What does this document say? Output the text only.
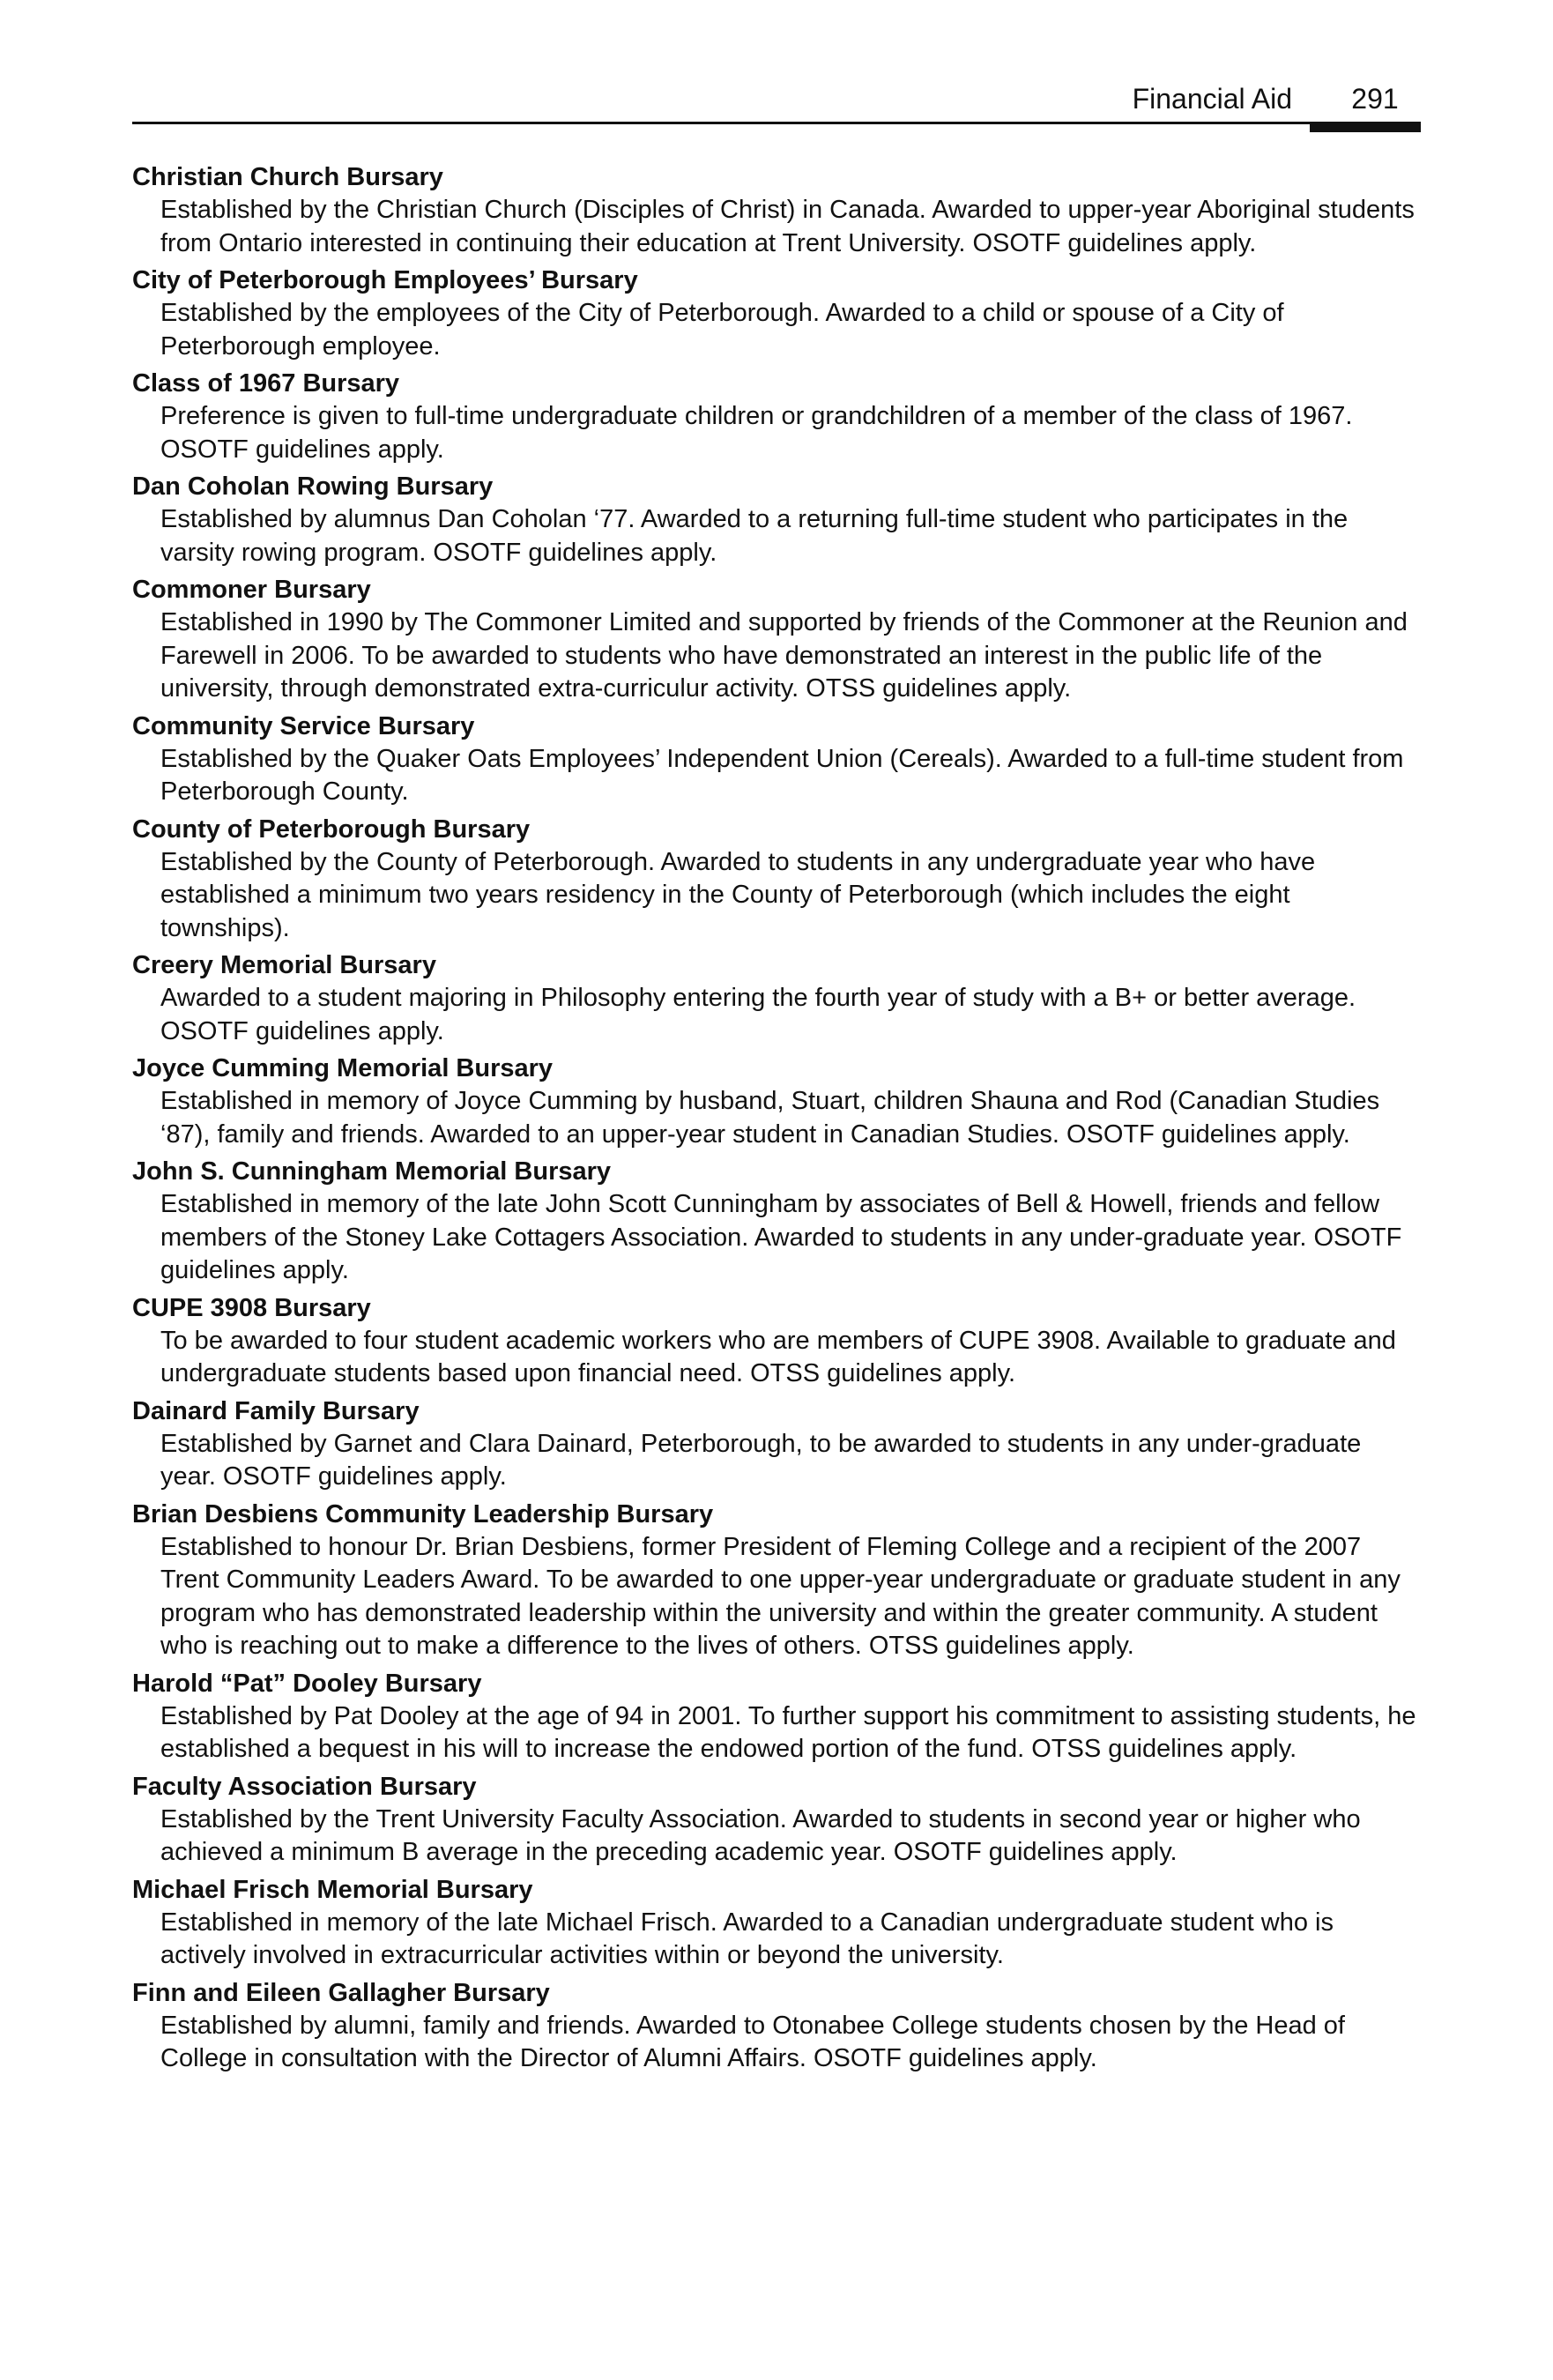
Financial Aid 291
Christian Church Bursary
Established by the Christian Church (Disciples of Christ) in Canada. Awarded to upper-year Aboriginal students from Ontario interested in continuing their education at Trent University. OSOTF guidelines apply.
City of Peterborough Employees’ Bursary
Established by the employees of the City of Peterborough. Awarded to a child or spouse of a City of Peterborough employee.
Class of 1967 Bursary
Preference is given to full-time undergraduate children or grandchildren of a member of the class of 1967. OSOTF guidelines apply.
Dan Coholan Rowing Bursary
Established by alumnus Dan Coholan ‘77. Awarded to a returning full-time student who participates in the varsity rowing program. OSOTF guidelines apply.
Commoner Bursary
Established in 1990 by The Commoner Limited and supported by friends of the Commoner at the Reunion and Farewell in 2006. To be awarded to students who have demonstrated an interest in the public life of the university, through demonstrated extra-curriculur activity. OTSS guidelines apply.
Community Service Bursary
Established by the Quaker Oats Employees’ Independent Union (Cereals). Awarded to a full-time student from Peterborough County.
County of Peterborough Bursary
Established by the County of Peterborough. Awarded to students in any undergraduate year who have established a minimum two years residency in the County of Peterborough (which includes the eight townships).
Creery Memorial Bursary
Awarded to a student majoring in Philosophy entering the fourth year of study with a B+ or better average. OSOTF guidelines apply.
Joyce Cumming Memorial Bursary
Established in memory of Joyce Cumming by husband, Stuart, children Shauna and Rod (Canadian Studies ‘87), family and friends. Awarded to an upper-year student in Canadian Studies. OSOTF guidelines apply.
John S. Cunningham Memorial Bursary
Established in memory of the late John Scott Cunningham by associates of Bell & Howell, friends and fellow members of the Stoney Lake Cottagers Association. Awarded to students in any under-graduate year. OSOTF guidelines apply.
CUPE 3908 Bursary
To be awarded to four student academic workers who are members of CUPE 3908. Available to graduate and undergraduate students based upon financial need. OTSS guidelines apply.
Dainard Family Bursary
Established by Garnet and Clara Dainard, Peterborough, to be awarded to students in any under-graduate year. OSOTF guidelines apply.
Brian Desbiens Community Leadership Bursary
Established to honour Dr. Brian Desbiens, former President of Fleming College and a recipient of the 2007 Trent Community Leaders Award. To be awarded to one upper-year undergraduate or graduate student in any program who has demonstrated leadership within the university and within the greater community. A student who is reaching out to make a difference to the lives of others. OTSS guidelines apply.
Harold “Pat” Dooley Bursary
Established by Pat Dooley at the age of 94 in 2001. To further support his commitment to assisting students, he established a bequest in his will to increase the endowed portion of the fund. OTSS guidelines apply.
Faculty Association Bursary
Established by the Trent University Faculty Association. Awarded to students in second year or higher who achieved a minimum B average in the preceding academic year. OSOTF guidelines apply.
Michael Frisch Memorial Bursary
Established in memory of the late Michael Frisch. Awarded to a Canadian undergraduate student who is actively involved in extracurricular activities within or beyond the university.
Finn and Eileen Gallagher Bursary
Established by alumni, family and friends. Awarded to Otonabee College students chosen by the Head of College in consultation with the Director of Alumni Affairs. OSOTF guidelines apply.
